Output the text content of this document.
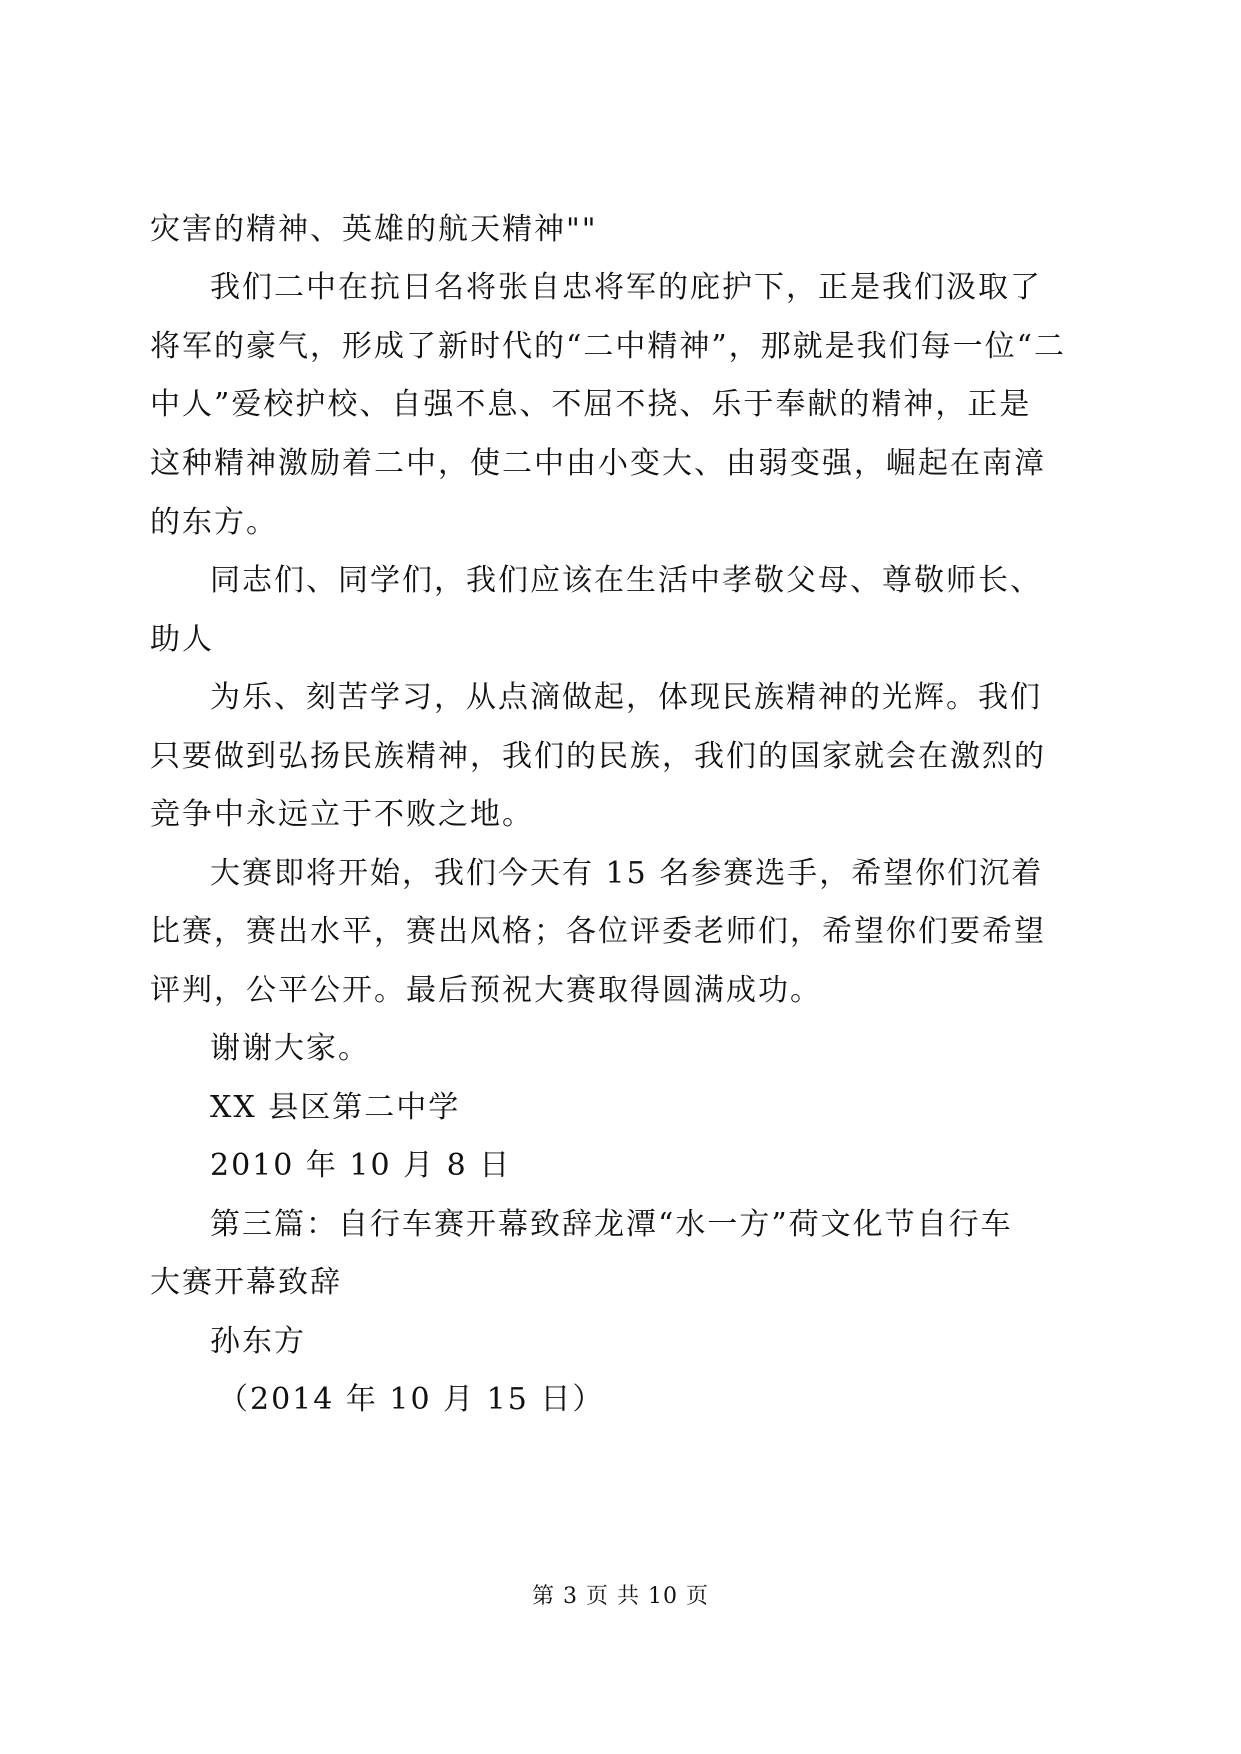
灾害的精神、英雄的航天精神""
我们二中在抗日名将张自忠将军的庇护下，正是我们汲取了
将军的豪气，形成了新时代的“二中精神”，那就是我们每一位“二
中人”爱校护校、自强不息、不屈不挠、乐于奉献的精神，正是
这种精神激励着二中，使二中由小变大、由弱变强，崛起在南漳
的东方。
同志们、同学们，我们应该在生活中孝敬父母、尊敬师长、
助人
为乐、刻苦学习，从点滴做起，体现民族精神的光辉。我们
只要做到弘扬民族精神，我们的民族，我们的国家就会在激烈的
竞争中永远立于不败之地。
大赛即将开始，我们今天有 15 名参赛选手，希望你们沉着
比赛，赛出水平，赛出风格；各位评委老师们，希望你们要希望
评判，公平公开。最后预祝大赛取得圆满成功。
谢谢大家。
XX 县区第二中学
2010 年 10 月 8 日
第三篇：自行车赛开幕致辞龙潭“水一方”荷文化节自行车
大赛开幕致辞
孙东方
（2014 年 10 月 15 日）
第 3 页 共 10 页
